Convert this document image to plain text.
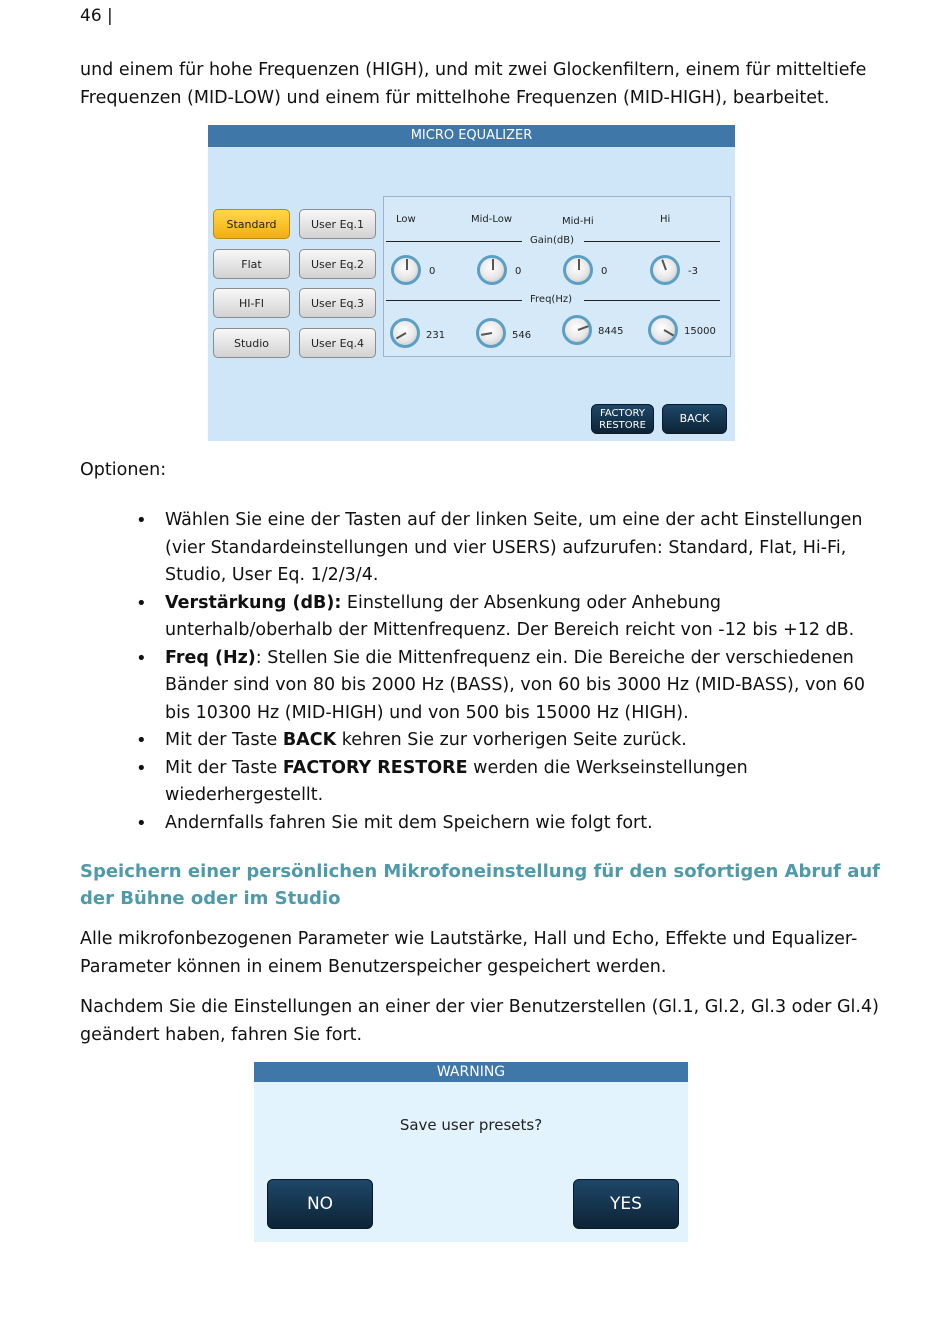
46 |
und einem für hohe Frequenzen (HIGH), und mit zwei Glockenfiltern, einem für mitteltiefe Frequenzen (MID-LOW) und einem für mittelhohe Frequenzen (MID-HIGH), bearbeitet.
MICRO EQUALIZER
Standard
Flat
HI-FI
Studio
User Eq.1
User Eq.2
User Eq.3
User Eq.4
Low	Mid-Low	Mid-Hi	Hi
Gain(dB)
0	0	0	-3
Freq(Hz)
231	546	8445	15000
FACTORY
RESTORE
BACK
Optionen:
• Wählen Sie eine der Tasten auf der linken Seite, um eine der acht Einstellungen (vier Standardeinstellungen und vier USERS) aufzurufen: Standard, Flat, Hi-Fi, Studio, User Eq. 1/2/3/4.
• Verstärkung (dB): Einstellung der Absenkung oder Anhebung unterhalb/oberhalb der Mittenfrequenz. Der Bereich reicht von -12 bis +12 dB.
• Freq (Hz): Stellen Sie die Mittenfrequenz ein. Die Bereiche der verschiedenen Bänder sind von 80 bis 2000 Hz (BASS), von 60 bis 3000 Hz (MID-BASS), von 60 bis 10300 Hz (MID-HIGH) und von 500 bis 15000 Hz (HIGH).
• Mit der Taste BACK kehren Sie zur vorherigen Seite zurück.
• Mit der Taste FACTORY RESTORE werden die Werkseinstellungen wiederhergestellt.
• Andernfalls fahren Sie mit dem Speichern wie folgt fort.
Speichern einer persönlichen Mikrofoneinstellung für den sofortigen Abruf auf der Bühne oder im Studio
Alle mikrofonbezogenen Parameter wie Lautstärke, Hall und Echo, Effekte und Equalizer-Parameter können in einem Benutzerspeicher gespeichert werden.
Nachdem Sie die Einstellungen an einer der vier Benutzerstellen (Gl.1, Gl.2, Gl.3 oder Gl.4) geändert haben, fahren Sie fort.
WARNING
Save user presets?
NO	YES
